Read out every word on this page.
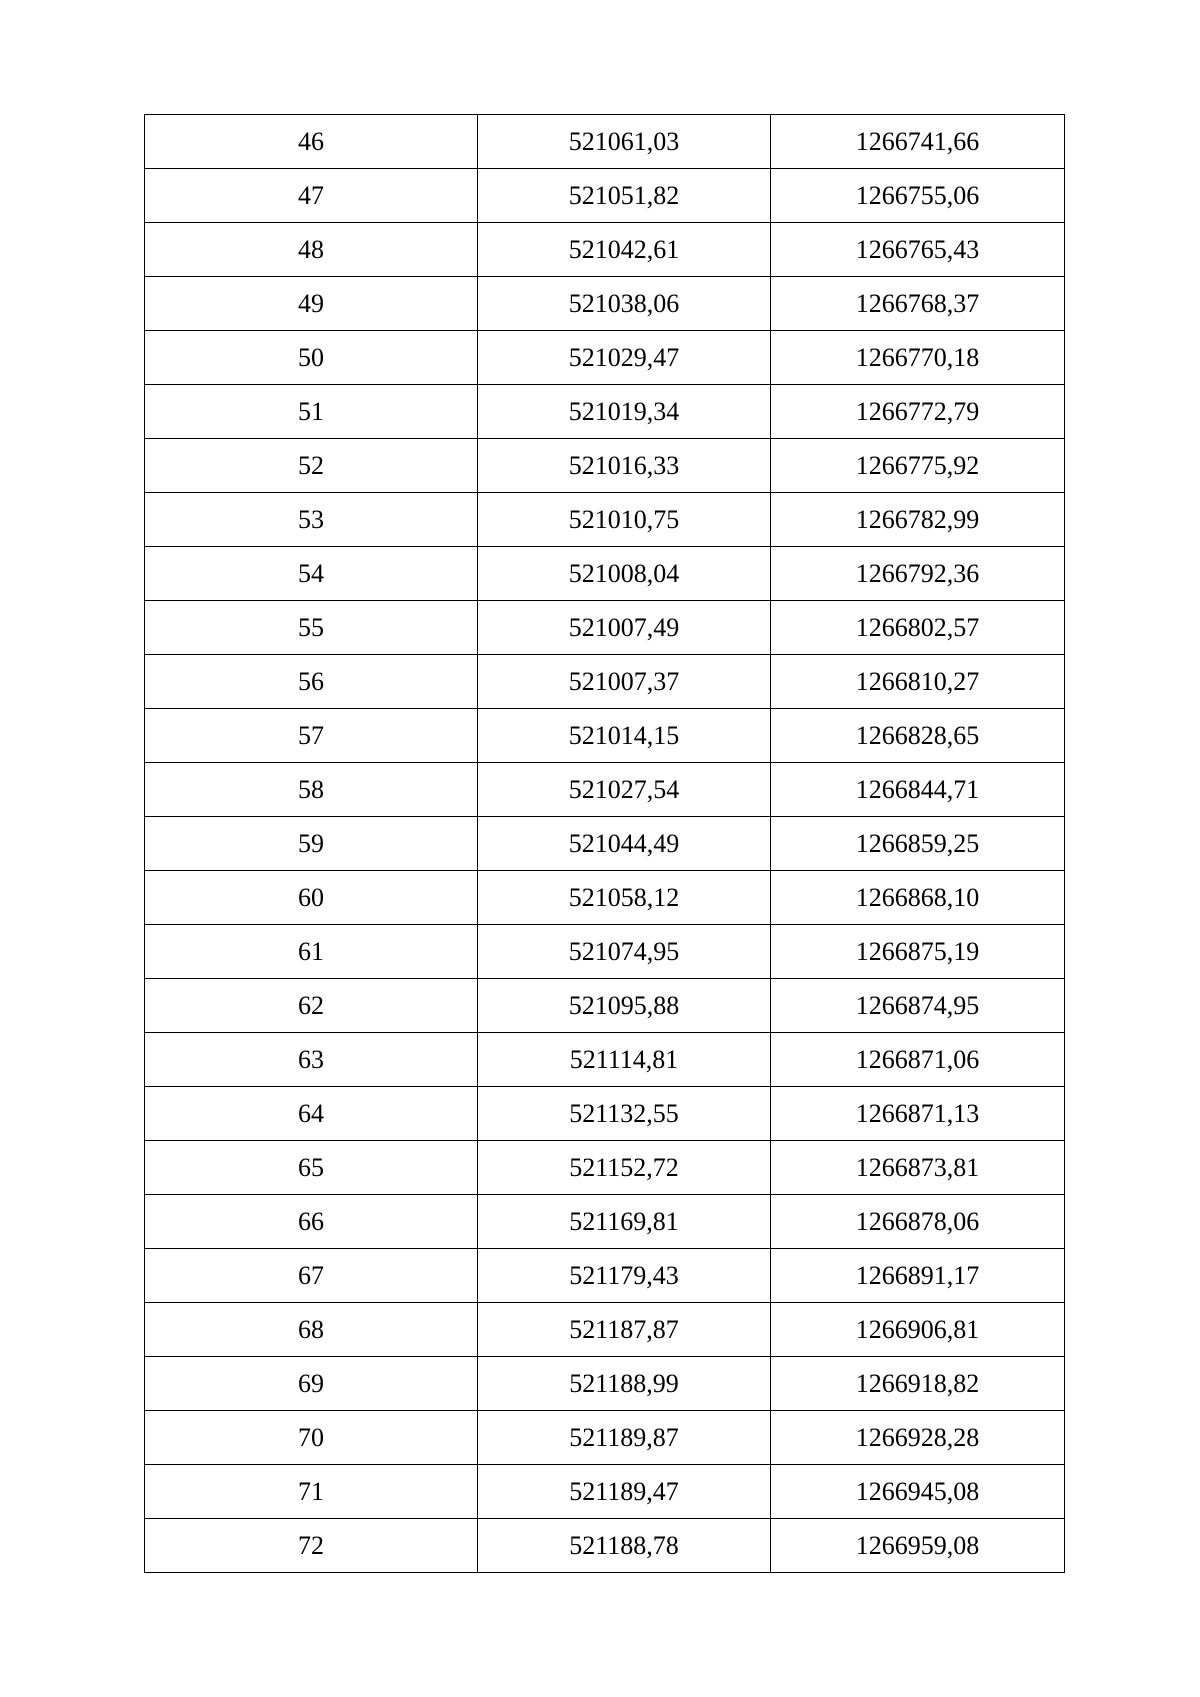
46	521061,03	1266741,66
47	521051,82	1266755,06
48	521042,61	1266765,43
49	521038,06	1266768,37
50	521029,47	1266770,18
51	521019,34	1266772,79
52	521016,33	1266775,92
53	521010,75	1266782,99
54	521008,04	1266792,36
55	521007,49	1266802,57
56	521007,37	1266810,27
57	521014,15	1266828,65
58	521027,54	1266844,71
59	521044,49	1266859,25
60	521058,12	1266868,10
61	521074,95	1266875,19
62	521095,88	1266874,95
63	521114,81	1266871,06
64	521132,55	1266871,13
65	521152,72	1266873,81
66	521169,81	1266878,06
67	521179,43	1266891,17
68	521187,87	1266906,81
69	521188,99	1266918,82
70	521189,87	1266928,28
71	521189,47	1266945,08
72	521188,78	1266959,08
